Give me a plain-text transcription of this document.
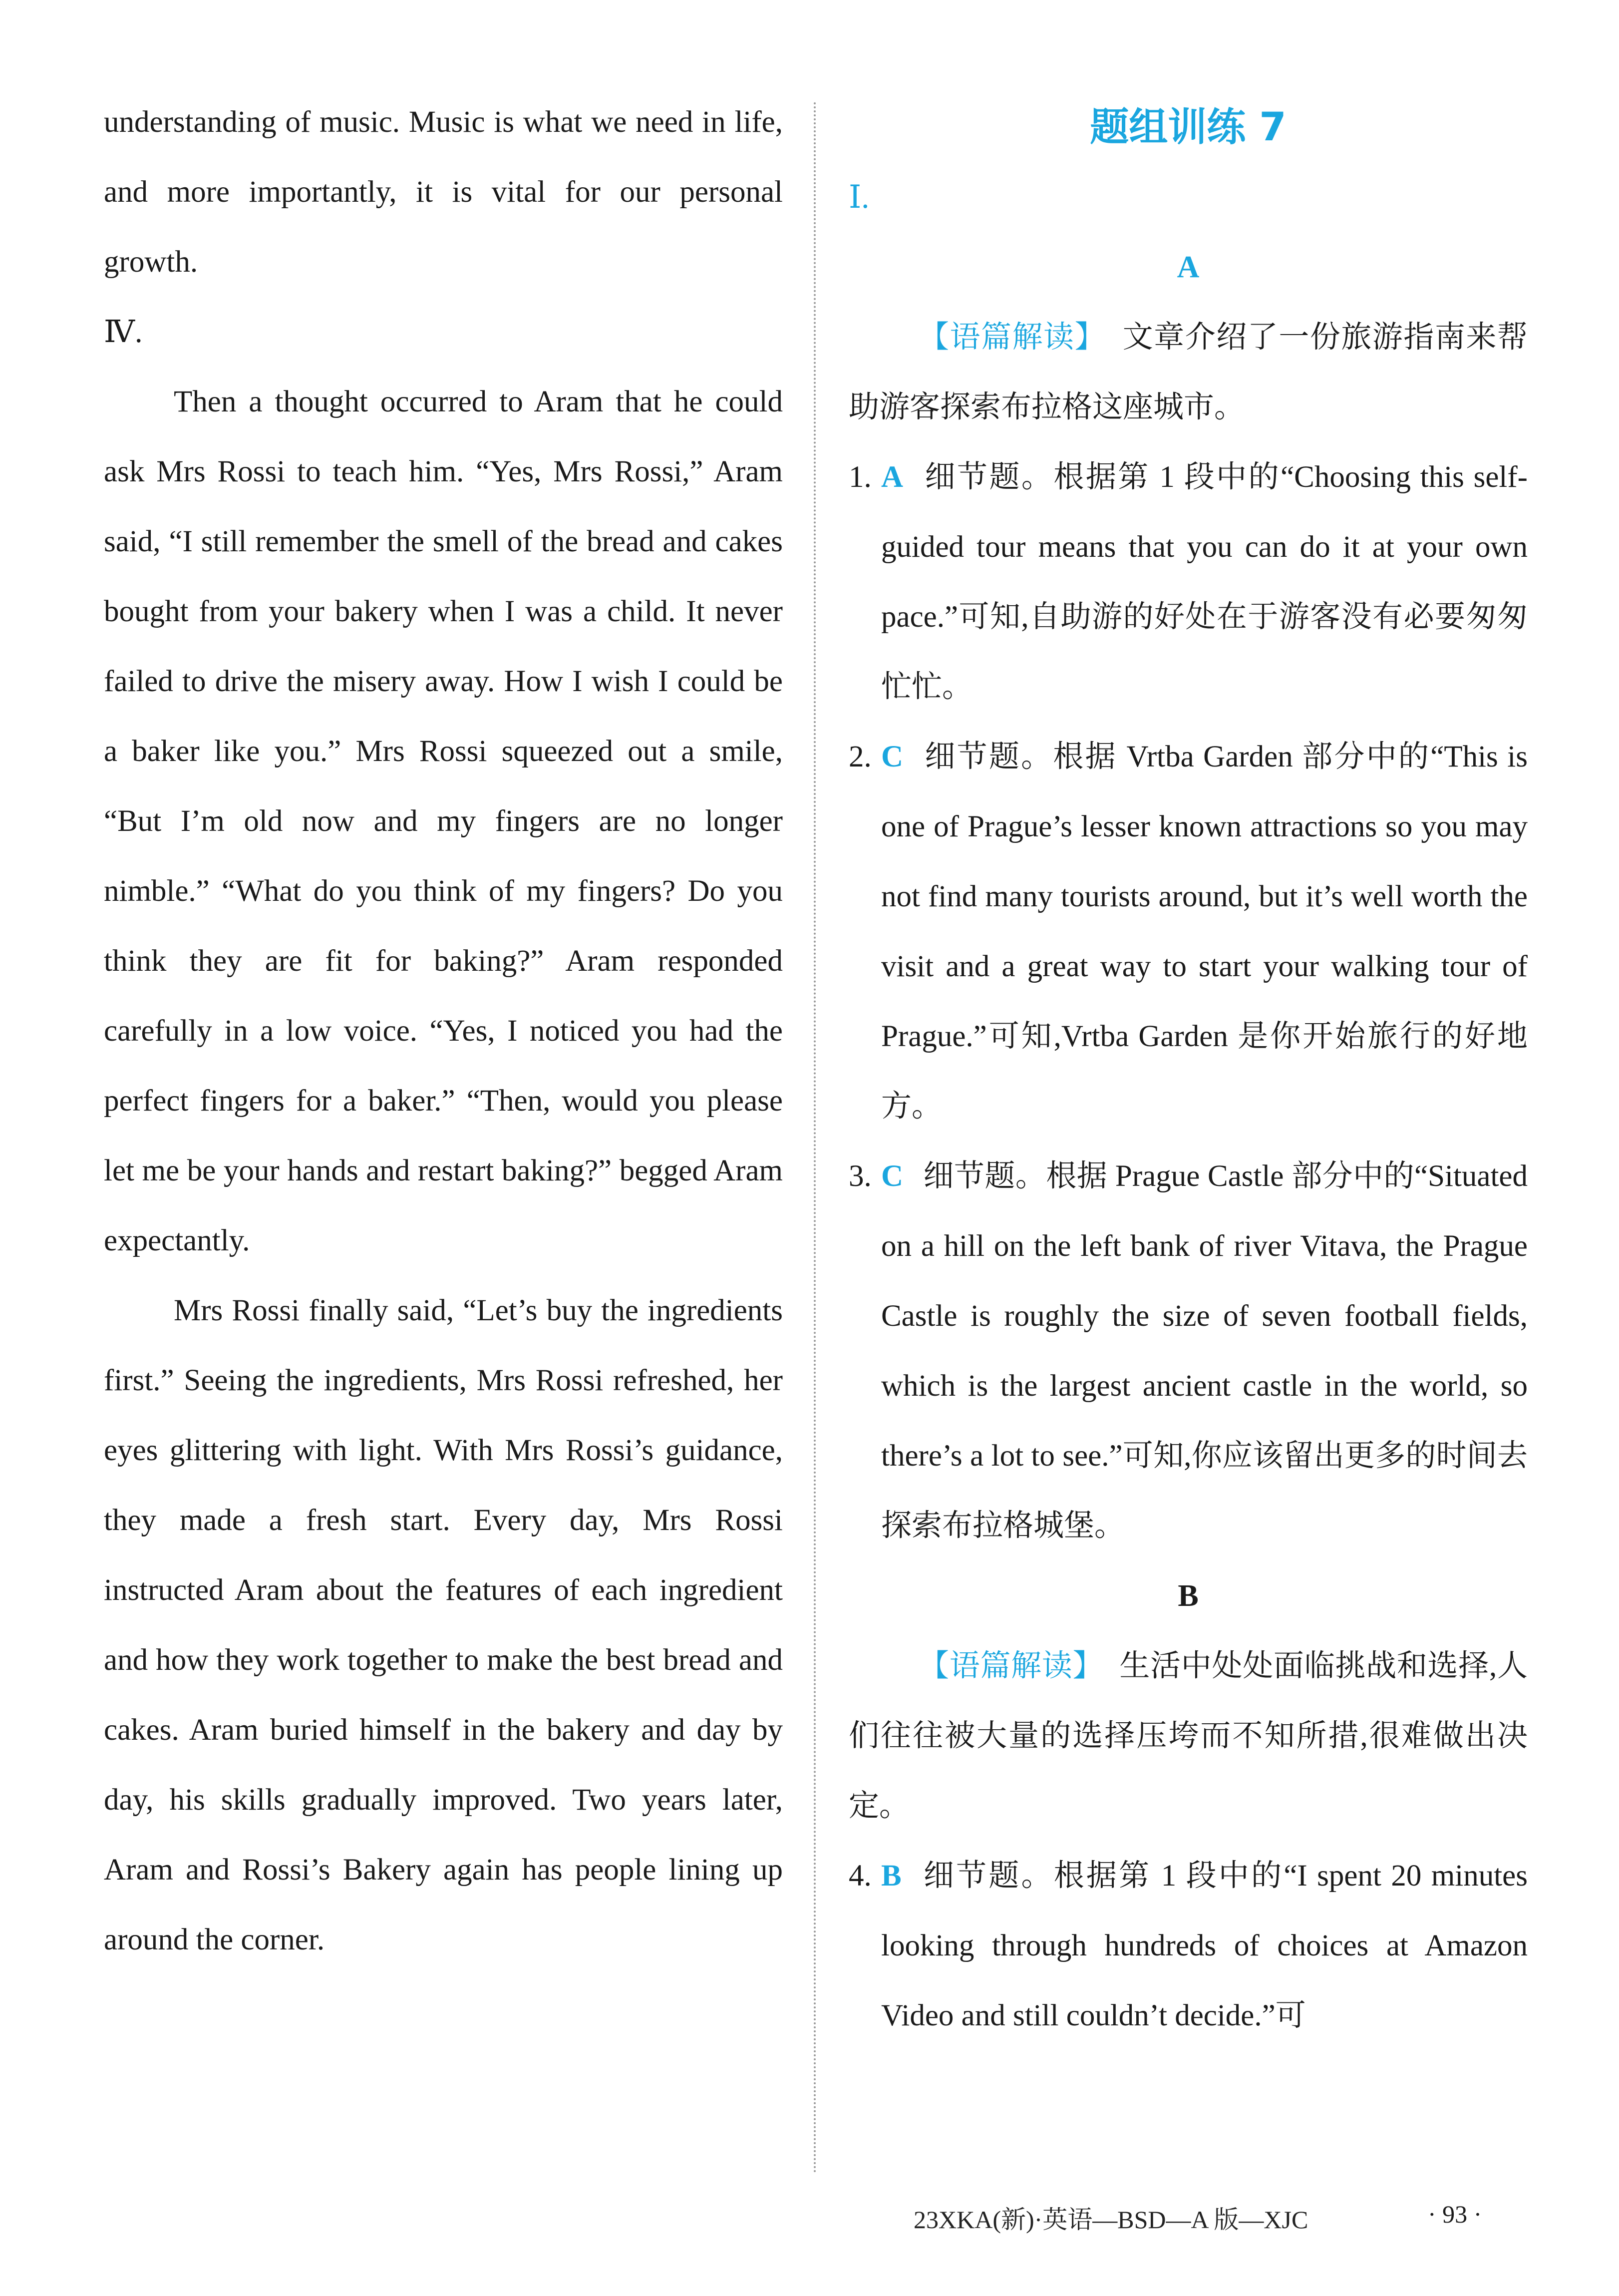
understanding of music. Music is what we need in life, and more importantly, it is vital for our personal growth.

Ⅳ.

Then a thought occurred to Aram that he could ask Mrs Rossi to teach him. “Yes, Mrs Rossi,” Aram said, “I still remember the smell of the bread and cakes bought from your bakery when I was a child. It never failed to drive the misery away. How I wish I could be a baker like you.” Mrs Rossi squeezed out a smile, “But I’m old now and my fingers are no longer nimble.” “What do you think of my fingers? Do you think they are fit for baking?” Aram responded carefully in a low voice. “Yes, I noticed you had the perfect fingers for a baker.” “Then, would you please let me be your hands and restart baking?” begged Aram expectantly.

Mrs Rossi finally said, “Let’s buy the ingredients first.” Seeing the ingredients, Mrs Rossi refreshed, her eyes glittering with light. With Mrs Rossi’s guidance, they made a fresh start. Every day, Mrs Rossi instructed Aram about the features of each ingredient and how they work together to make the best bread and cakes. Aram buried himself in the bakery and day by day, his skills gradually improved. Two years later, Aram and Rossi’s Bakery again has people lining up around the corner.

题组训练 7

Ⅰ.

A

【语篇解读】 文章介绍了一份旅游指南来帮助游客探索布拉格这座城市。

1. A 细节题。根据第 1 段中的“Choosing this self-guided tour means that you can do it at your own pace.”可知,自助游的好处在于游客没有必要匆匆忙忙。

2. C 细节题。根据 Vrtba Garden 部分中的“This is one of Prague’s lesser known attractions so you may not find many tourists around, but it’s well worth the visit and a great way to start your walking tour of Prague.”可知,Vrtba Garden 是你开始旅行的好地方。

3. C 细节题。根据 Prague Castle 部分中的“Situated on a hill on the left bank of river Vitava, the Prague Castle is roughly the size of seven football fields, which is the largest ancient castle in the world, so there’s a lot to see.”可知,你应该留出更多的时间去探索布拉格城堡。

B

【语篇解读】 生活中处处面临挑战和选择,人们往往被大量的选择压垮而不知所措,很难做出决定。

4. B 细节题。根据第 1 段中的“I spent 20 minutes looking through hundreds of choices at Amazon Video and still couldn’t decide.”可

23XKA(新)·英语—BSD—A 版—XJC	· 93 ·
